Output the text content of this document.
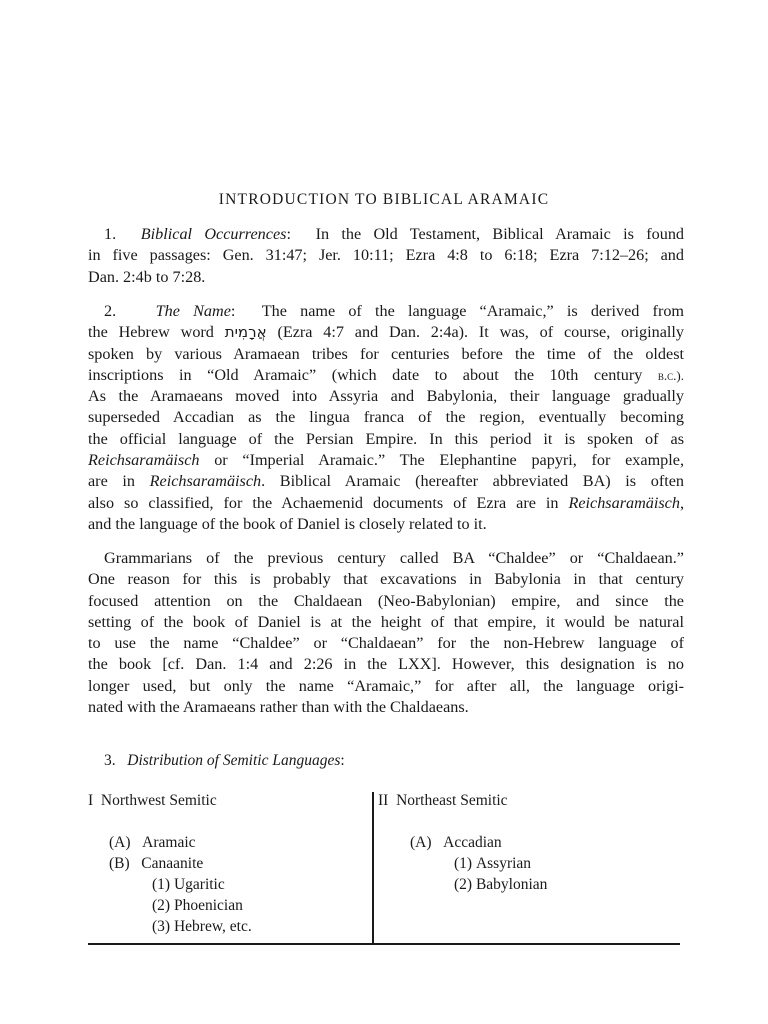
INTRODUCTION TO BIBLICAL ARAMAIC
1. Biblical Occurrences:  In the Old Testament, Biblical Aramaic is found
in five passages: Gen. 31:47; Jer. 10:11; Ezra 4:8 to 6:18; Ezra 7:12–26; and
Dan. 2:4b to 7:28.
2. The Name:  The name of the language “Aramaic,” is derived from
the Hebrew word אֲרָמִית (Ezra 4:7 and Dan. 2:4a). It was, of course, originally
spoken by various Aramaean tribes for centuries before the time of the oldest
inscriptions in “Old Aramaic” (which date to about the 10th century b.c.).
As the Aramaeans moved into Assyria and Babylonia, their language gradually
superseded Accadian as the lingua franca of the region, eventually becoming
the official language of the Persian Empire. In this period it is spoken of as
Reichsaramäisch or “Imperial Aramaic.” The Elephantine papyri, for example,
are in Reichsaramäisch. Biblical Aramaic (hereafter abbreviated BA) is often
also so classified, for the Achaemenid documents of Ezra are in Reichsaramäisch,
and the language of the book of Daniel is closely related to it.
Grammarians of the previous century called BA “Chaldee” or “Chaldaean.”
One reason for this is probably that excavations in Babylonia in that century
focused attention on the Chaldaean (Neo-Babylonian) empire, and since the
setting of the book of Daniel is at the height of that empire, it would be natural
to use the name “Chaldee” or “Chaldaean” for the non-Hebrew language of
the book [cf. Dan. 1:4 and 2:26 in the LXX]. However, this designation is no
longer used, but only the name “Aramaic,” for after all, the language origi-
nated with the Aramaeans rather than with the Chaldaeans.
3. Distribution of Semitic Languages:
I  Northwest Semitic	II  Northeast Semitic
(A) Aramaic
(B) Canaanite
(1) Ugaritic
(2) Phoenician
(3) Hebrew, etc.
(A) Accadian
(1) Assyrian
(2) Babylonian
